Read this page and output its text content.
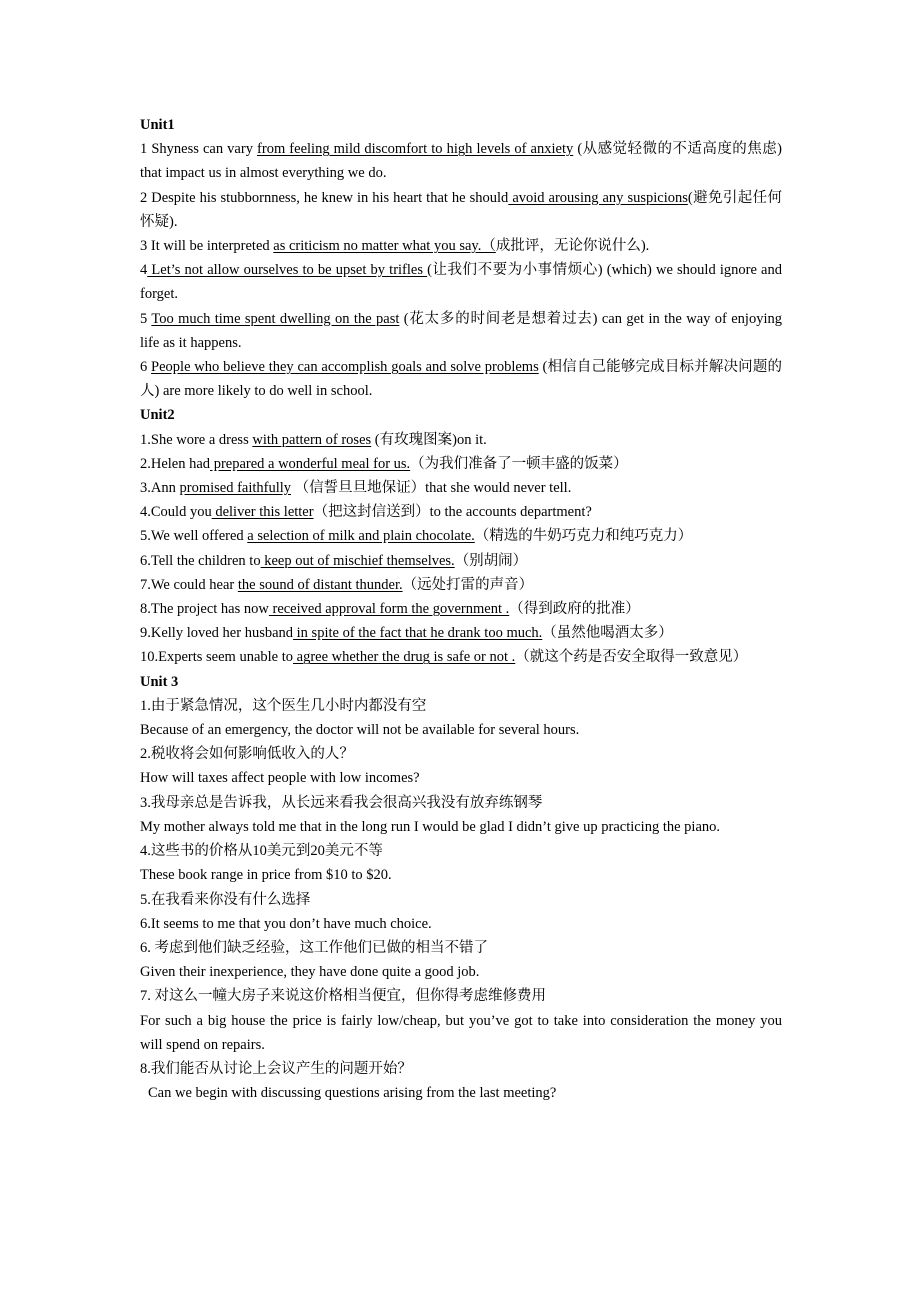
Unit1

1 Shyness can vary from feeling mild discomfort to high levels of anxiety (从感觉轻微的不适高度的焦虑) that impact us in almost everything we do.

2 Despite his stubbornness, he knew in his heart that he should avoid arousing any suspicions(避免引起任何怀疑).

3 It will be interpreted as criticism no matter what you say.（成批评，无论你说什么).

4 Let’s not allow ourselves to be upset by trifles (让我们不要为小事情烦心) (which) we should ignore and forget.

5 Too much time spent dwelling on the past (花太多的时间老是想着过去) can get in the way of enjoying life as it happens.

6 People who believe they can accomplish goals and solve problems (相信自己能够完成目标并解决问题的人) are more likely to do well in school.

Unit2

1.She wore a dress with pattern of roses (有玫瑰图案)on it.

2.Helen had prepared a wonderful meal for us.（为我们准备了一顿丰盛的饭菜）

3.Ann promised faithfully （信誓旦旦地保证）that she would never tell.

4.Could you deliver this letter（把这封信送到）to the accounts department?

5.We well offered a selection of milk and plain chocolate.（精选的牛奶巧克力和纯巧克力）

6.Tell the children to keep out of mischief themselves.（别胡闹）

7.We could hear the sound of distant thunder.（远处打雷的声音）

8.The project has now received approval form the government .（得到政府的批准）

9.Kelly loved her husband in spite of the fact that he drank too much.（虽然他喝酒太多）

10.Experts seem unable to agree whether the drug is safe or not .（就这个药是否安全取得一致意见）

Unit 3

1.由于紧急情况，这个医生几小时内都没有空

Because of an emergency, the doctor will not be available for several hours.

2.税收将会如何影响低收入的人？

How will taxes affect people with low incomes?

3.我母亲总是告诉我，从长远来看我会很高兴我没有放弃练钢琴

My mother always told me that in the long run I would be glad I didn’t give up practicing the piano.

4.这些书的价格从10美元到20美元不等

These book range in price from $10 to $20.

5.在我看来你没有什么选择

6.It seems to me that you don’t have much choice.

6. 考虑到他们缺乏经验，这工作他们已做的相当不错了

Given their inexperience, they have done quite a good job.

7. 对这么一幢大房子来说这价格相当便宜，但你得考虑维修费用

For such a big house the price is fairly low/cheap, but you’ve got to take into consideration the money you will spend on repairs.

8.我们能否从讨论上会议产生的问题开始？

Can we begin with discussing questions arising from the last meeting?
